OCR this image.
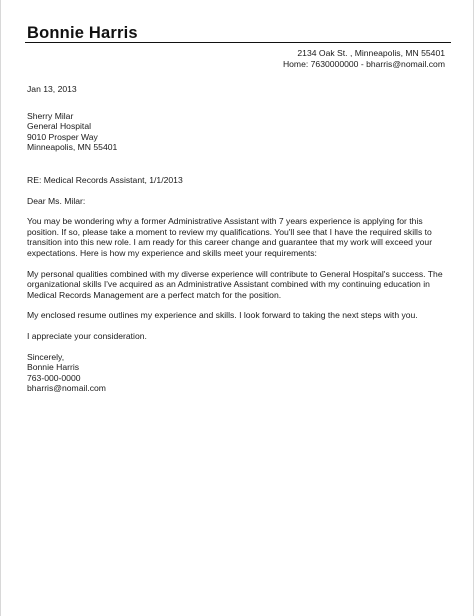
Bonnie Harris
2134 Oak St. , Minneapolis, MN 55401
Home: 7630000000 - bharris@nomail.com

Jan 13, 2013

Sherry Milar
General Hospital
9010 Prosper Way
Minneapolis, MN 55401

RE: Medical Records Assistant, 1/1/2013

Dear Ms. Milar:

You may be wondering why a former Administrative Assistant with 7 years experience is applying for this
position. If so, please take a moment to review my qualifications. You'll see that I have the required skills to
transition into this new role. I am ready for this career change and guarantee that my work will exceed your
expectations. Here is how my experience and skills meet your requirements:

My personal qualities combined with my diverse experience will contribute to General Hospital's success. The
organizational skills I've acquired as an Administrative Assistant combined with my continuing education in
Medical Records Management are a perfect match for the position.

My enclosed resume outlines my experience and skills. I look forward to taking the next steps with you.

I appreciate your consideration.

Sincerely,
Bonnie Harris
763-000-0000
bharris@nomail.com
